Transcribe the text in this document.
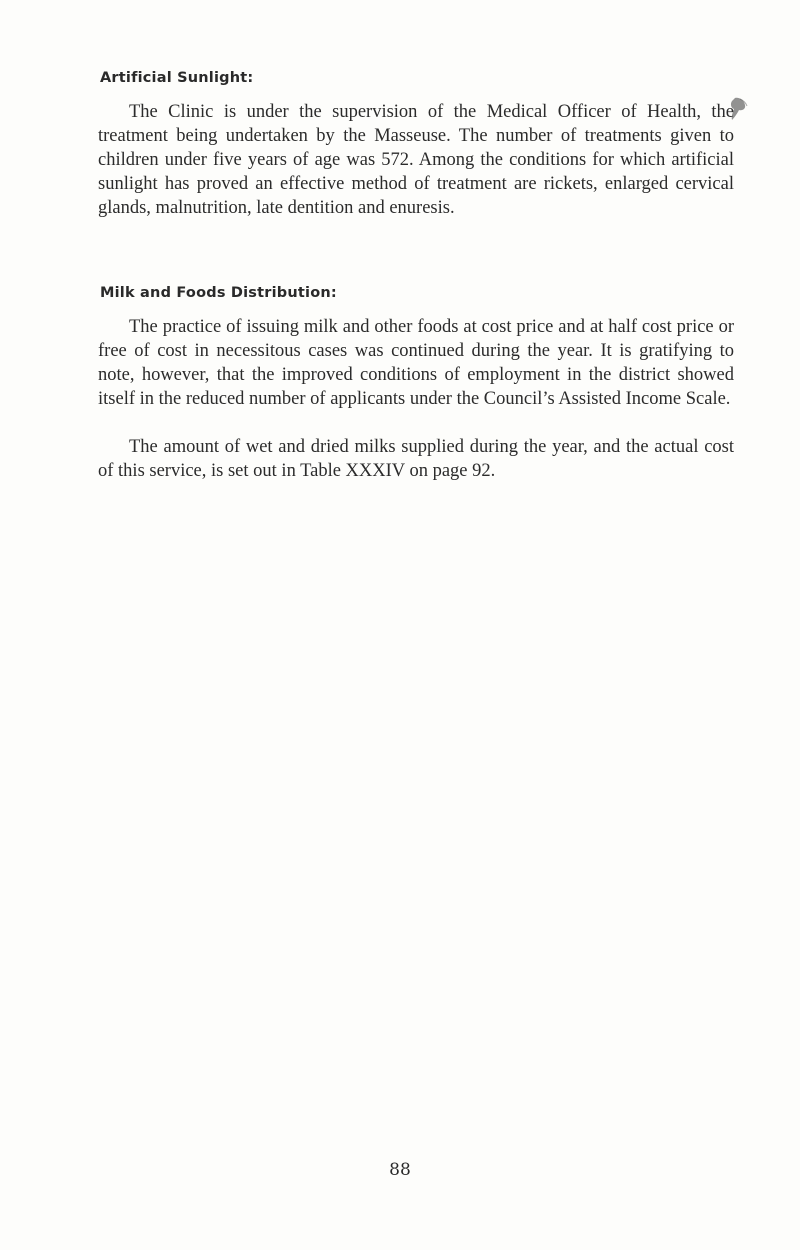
Artificial Sunlight:

The Clinic is under the supervision of the Medical Officer of Health, the treatment being undertaken by the Masseuse. The number of treatments given to children under five years of age was 572. Among the conditions for which artificial sunlight has proved an effective method of treatment are rickets, enlarged cervical glands, malnutrition, late dentition and enuresis.

Milk and Foods Distribution:

The practice of issuing milk and other foods at cost price and at half cost price or free of cost in necessitous cases was continued during the year. It is gratifying to note, however, that the improved conditions of employment in the district showed itself in the reduced number of applicants under the Council’s Assisted Income Scale.

The amount of wet and dried milks supplied during the year, and the actual cost of this service, is set out in Table XXXIV on page 92.

88
